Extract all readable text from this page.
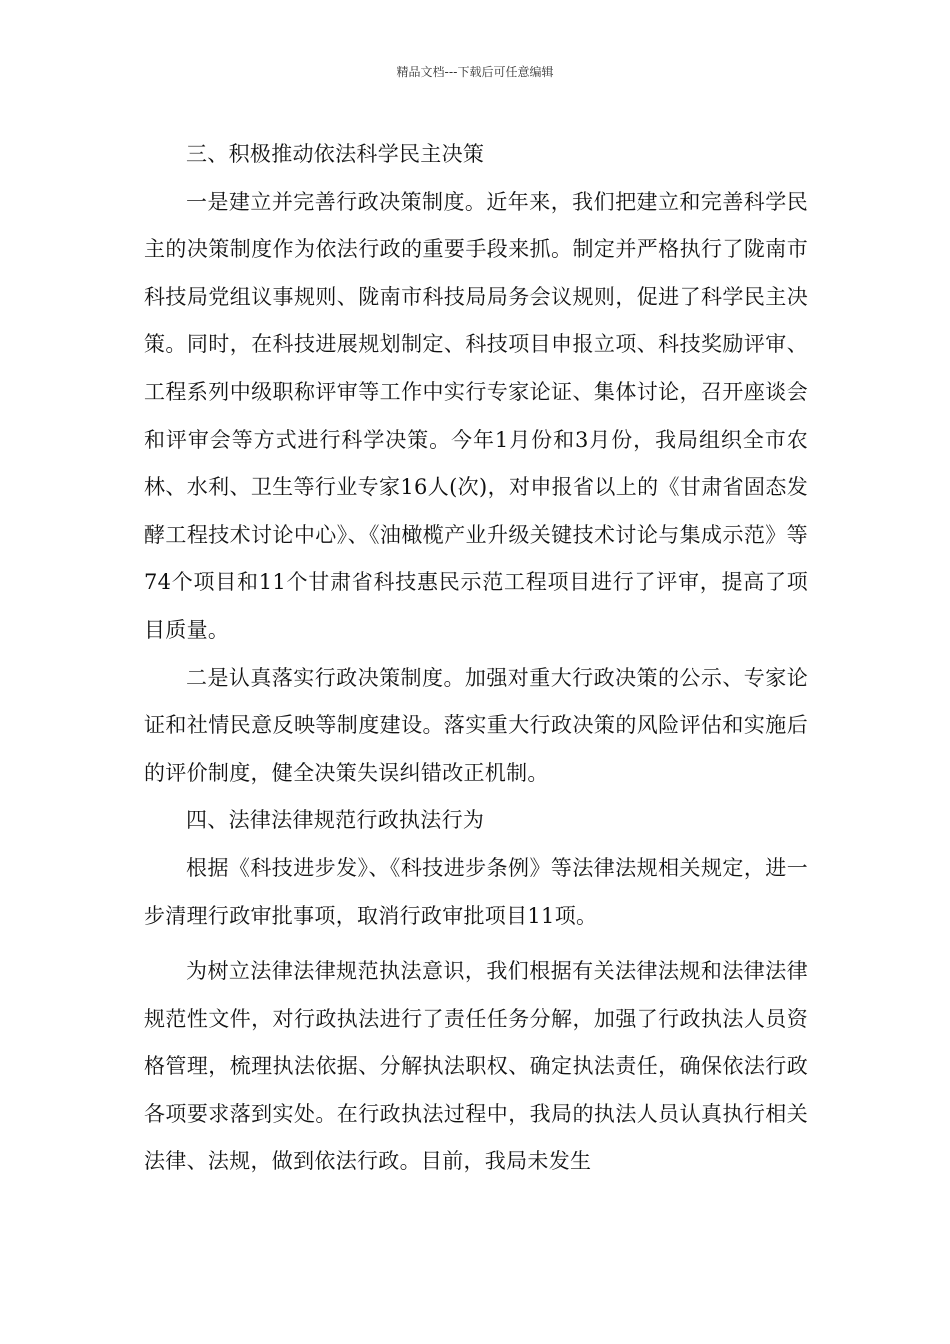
精品文档---下载后可任意编辑

三、积极推动依法科学民主决策

一是建立并完善行政决策制度。近年来，我们把建立和完善科学民主的决策制度作为依法行政的重要手段来抓。制定并严格执行了陇南市科技局党组议事规则、陇南市科技局局务会议规则，促进了科学民主决策。同时，在科技进展规划制定、科技项目申报立项、科技奖励评审、工程系列中级职称评审等工作中实行专家论证、集体讨论，召开座谈会和评审会等方式进行科学决策。今年1月份和3月份，我局组织全市农林、水利、卫生等行业专家16人(次)，对申报省以上的《甘肃省固态发酵工程技术讨论中心》、《油橄榄产业升级关键技术讨论与集成示范》等74个项目和11个甘肃省科技惠民示范工程项目进行了评审，提高了项目质量。

二是认真落实行政决策制度。加强对重大行政决策的公示、专家论证和社情民意反映等制度建设。落实重大行政决策的风险评估和实施后的评价制度，健全决策失误纠错改正机制。

四、法律法律规范行政执法行为

根据《科技进步发》、《科技进步条例》等法律法规相关规定，进一步清理行政审批事项，取消行政审批项目11项。

为树立法律法律规范执法意识，我们根据有关法律法规和法律法律规范性文件，对行政执法进行了责任任务分解，加强了行政执法人员资格管理，梳理执法依据、分解执法职权、确定执法责任，确保依法行政各项要求落到实处。在行政执法过程中，我局的执法人员认真执行相关法律、法规，做到依法行政。目前，我局未发生
